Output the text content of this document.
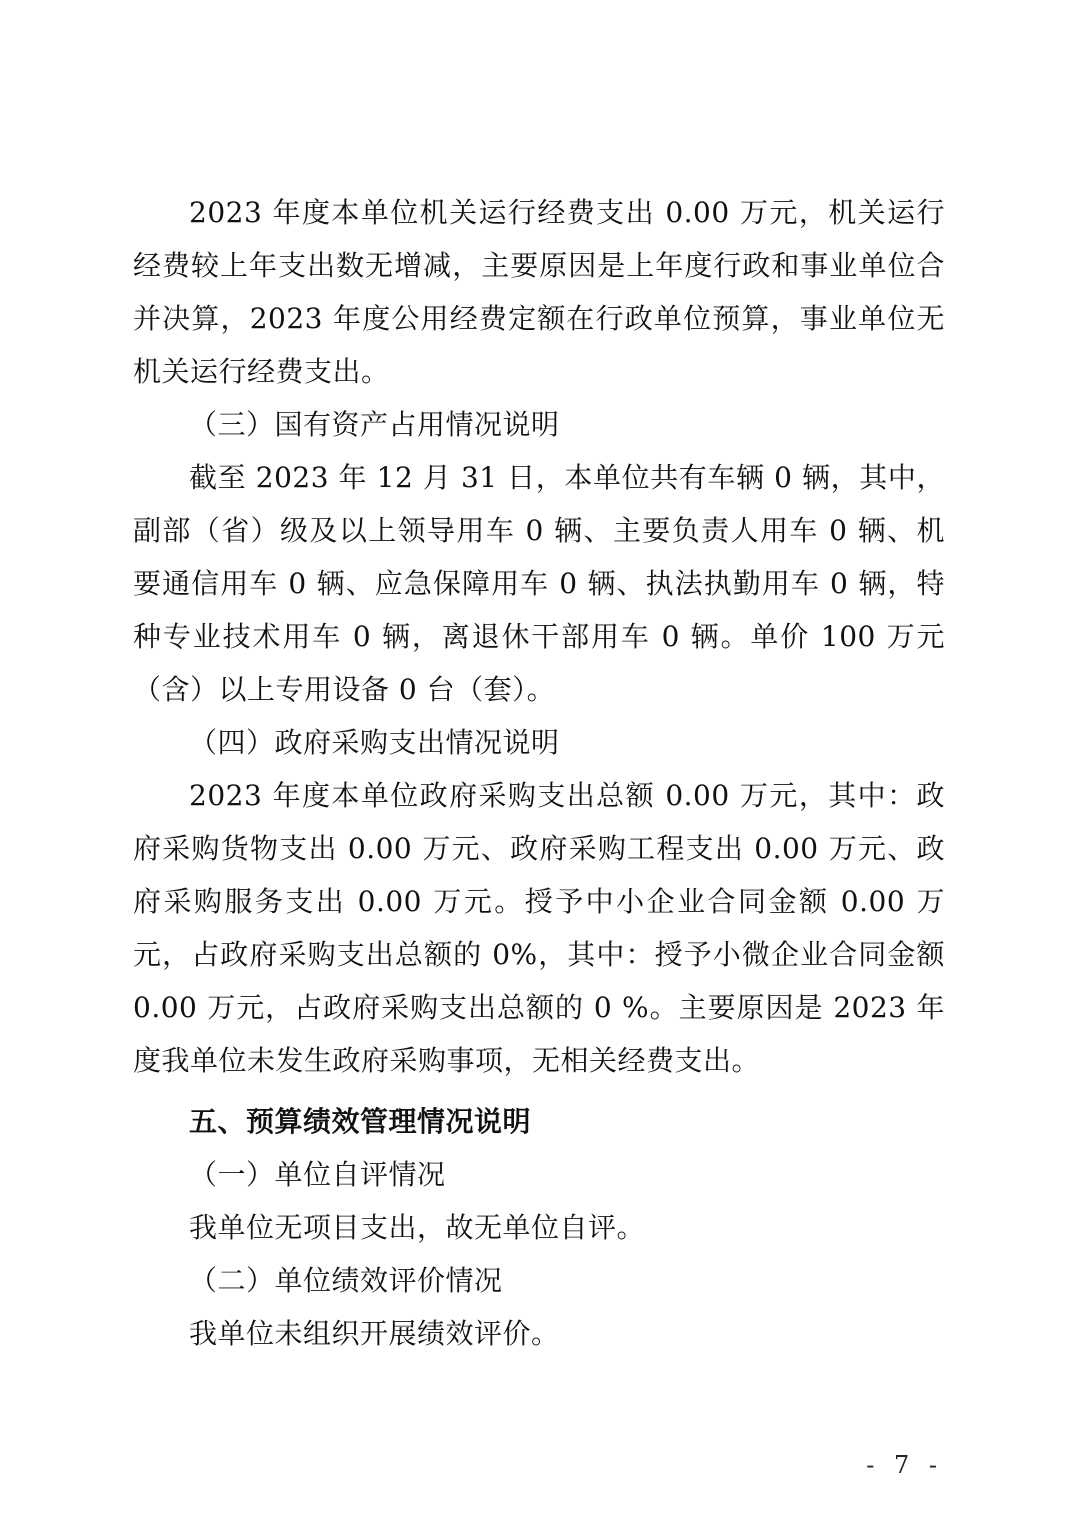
2023 年度本单位机关运行经费支出 0.00 万元，机关运行经费较上年支出数无增减，主要原因是上年度行政和事业单位合并决算，2023 年度公用经费定额在行政单位预算，事业单位无机关运行经费支出。

（三）国有资产占用情况说明

截至 2023 年 12 月 31 日，本单位共有车辆 0 辆，其中，副部（省）级及以上领导用车 0 辆、主要负责人用车 0 辆、机要通信用车 0 辆、应急保障用车 0 辆、执法执勤用车 0 辆，特种专业技术用车 0 辆，离退休干部用车 0 辆。单价 100 万元（含）以上专用设备 0 台（套）。

（四）政府采购支出情况说明

2023 年度本单位政府采购支出总额 0.00 万元，其中：政府采购货物支出 0.00 万元、政府采购工程支出 0.00 万元、政府采购服务支出 0.00 万元。授予中小企业合同金额 0.00 万元，占政府采购支出总额的 0%，其中：授予小微企业合同金额 0.00 万元，占政府采购支出总额的 0 %。主要原因是 2023 年度我单位未发生政府采购事项，无相关经费支出。

五、预算绩效管理情况说明

（一）单位自评情况

我单位无项目支出，故无单位自评。

（二）单位绩效评价情况

我单位未组织开展绩效评价。

- 7 -
